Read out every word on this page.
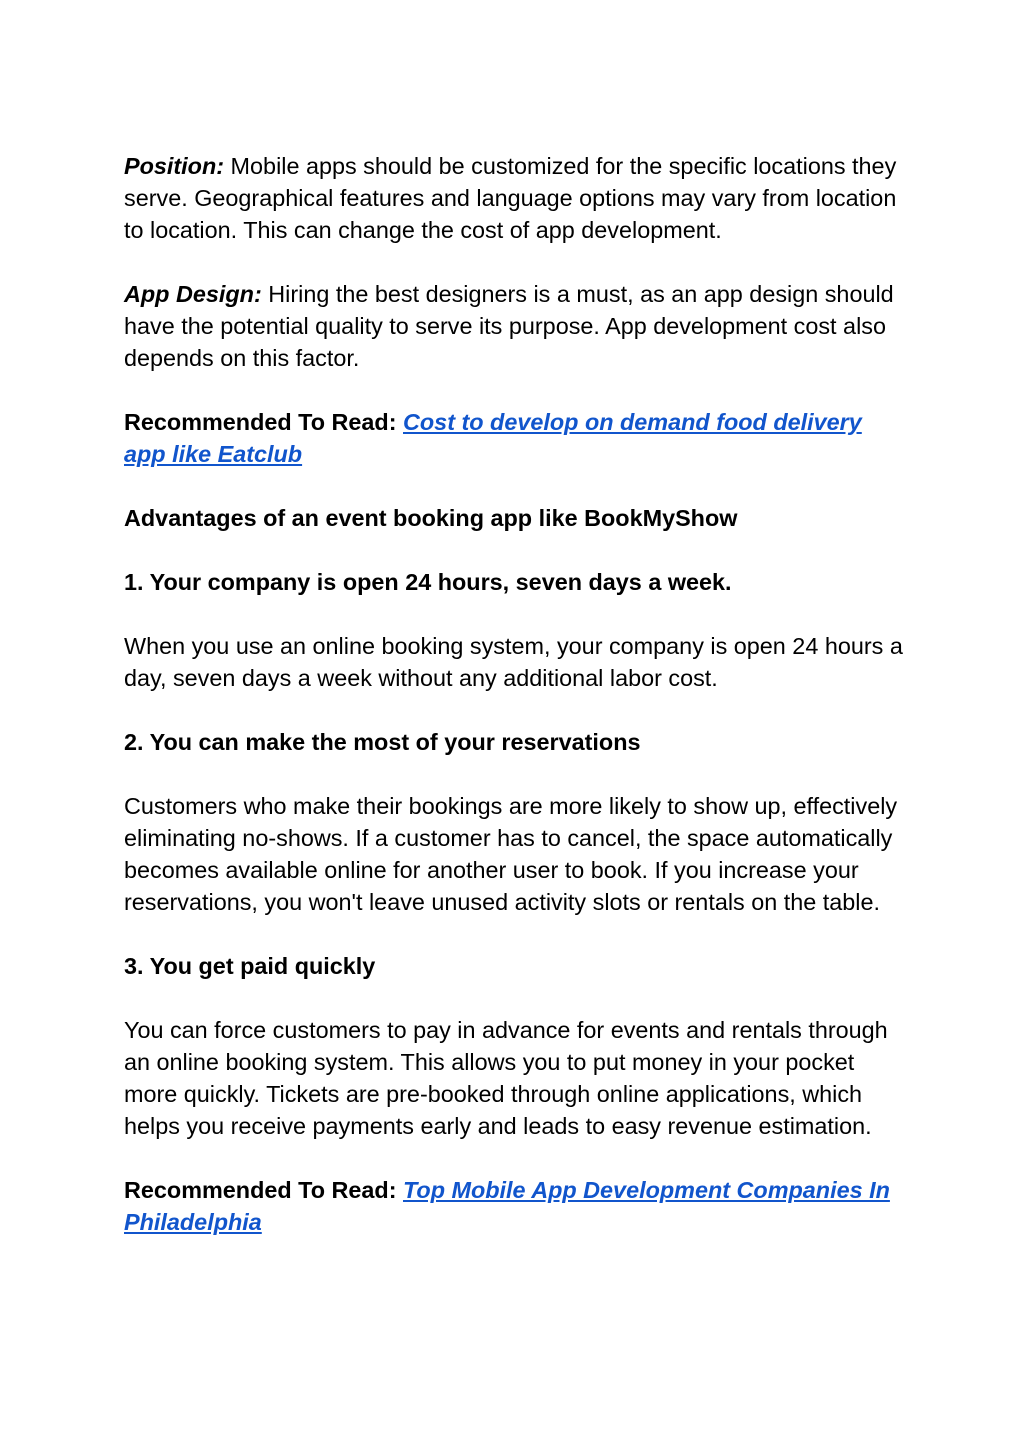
Position: Mobile apps should be customized for the specific locations they serve. Geographical features and language options may vary from location to location. This can change the cost of app development.

App Design: Hiring the best designers is a must, as an app design should have the potential quality to serve its purpose. App development cost also depends on this factor.

Recommended To Read: Cost to develop on demand food delivery app like Eatclub

Advantages of an event booking app like BookMyShow

1. Your company is open 24 hours, seven days a week.

When you use an online booking system, your company is open 24 hours a day, seven days a week without any additional labor cost.

2. You can make the most of your reservations

Customers who make their bookings are more likely to show up, effectively eliminating no-shows. If a customer has to cancel, the space automatically becomes available online for another user to book. If you increase your reservations, you won't leave unused activity slots or rentals on the table.

3. You get paid quickly

You can force customers to pay in advance for events and rentals through an online booking system. This allows you to put money in your pocket more quickly. Tickets are pre-booked through online applications, which helps you receive payments early and leads to easy revenue estimation.

Recommended To Read: Top Mobile App Development Companies In Philadelphia
